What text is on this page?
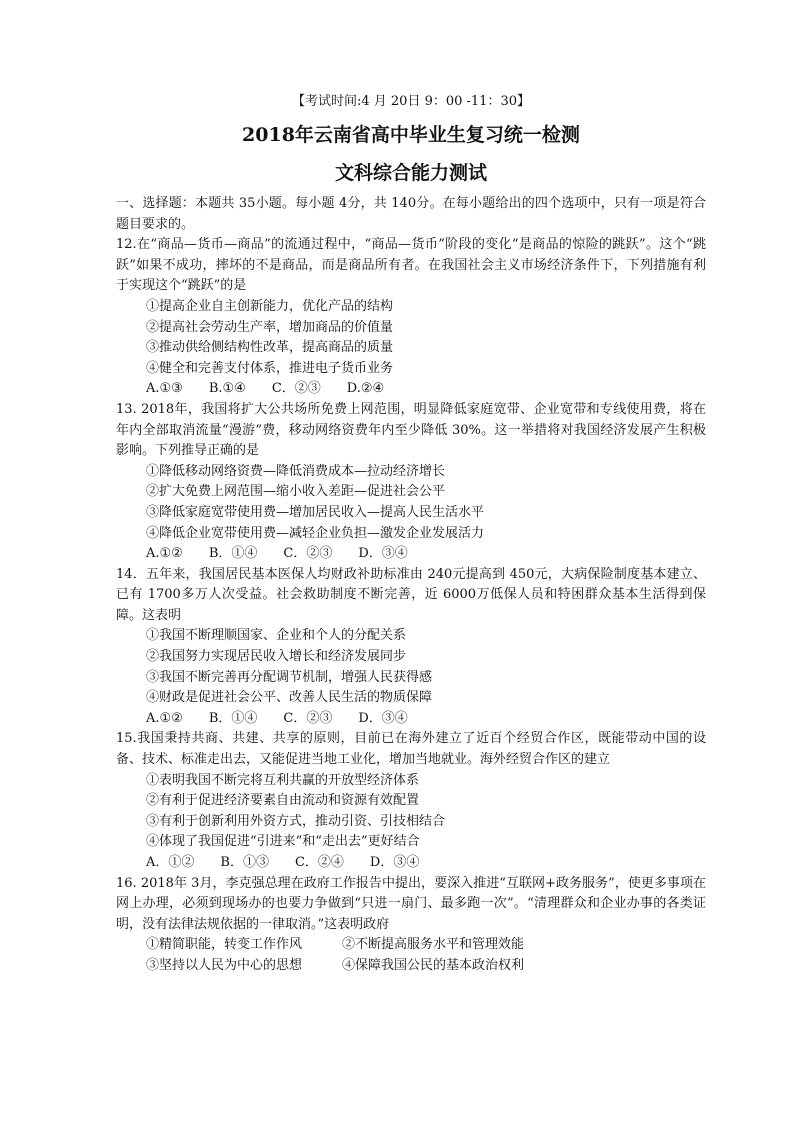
【考试时间:4 月 20日 9：00 -11：30】
2018年云南省高中毕业生复习统一检测
文科综合能力测试
一、选择题：本题共 35小题。每小题 4分，共 140分。在每小题给出的四个选项中，只有一项是符合题目要求的。
12.在“商品—货币—商品”的流通过程中，“商品—货币”阶段的变化“是商品的惊险的跳跃”。这个“跳跃”如果不成功，摔坏的不是商品，而是商品所有者。在我国社会主义市场经济条件下，下列措施有利于实现这个“跳跃”的是
①提高企业自主创新能力，优化产品的结构
②提高社会劳动生产率，增加商品的价值量
③推动供给侧结构性改革，提高商品的质量
④健全和完善支付体系，推进电子货币业务
A.①③ B.①④ C．②③ D.②④
13. 2018年，我国将扩大公共场所免费上网范围，明显降低家庭宽带、企业宽带和专线使用费，将在年内全部取消流量“漫游”费，移动网络资费年内至少降低 30%。这一举措将对我国经济发展产生积极影响。下列推导正确的是
①降低移动网络资费—降低消费成本—拉动经济增长
②扩大免费上网范围—缩小收入差距—促进社会公平
③降低家庭宽带使用费—增加居民收入—提高人民生活水平
④降低企业宽带使用费—减轻企业负担—激发企业发展活力
A.①② B．①④ C．②③ D．③④
14．五年来，我国居民基本医保人均财政补助标准由 240元提高到 450元，大病保险制度基本建立、已有 1700多万人次受益。社会救助制度不断完善，近 6000万低保人员和特困群众基本生活得到保障。这表明
①我国不断理顺国家、企业和个人的分配关系
②我国努力实现居民收入增长和经济发展同步
③我国不断完善再分配调节机制，增强人民获得感
④财政是促进社会公平、改善人民生活的物质保障
A.①② B．①④ C．②③ D．③④
15.我国秉持共商、共建、共享的原则，目前已在海外建立了近百个经贸合作区，既能带动中国的设备、技术、标准走出去，又能促进当地工业化，增加当地就业。海外经贸合作区的建立
①表明我国不断完将互利共赢的开放型经济体系
②有利于促进经济要素自由流动和资源有效配置
③有利于创新利用外资方式，推动引资、引技相结合
④体现了我国促进“引进来”和“走出去”更好结合
A．①② B．①③ C．②④ D．③④
16. 2018年 3月，李克强总理在政府工作报告中提出，要深入推进“互联网+政务服务”，使更多事项在网上办理，必须到现场办的也要力争做到“只进一扇门、最多跑一次”。“清理群众和企业办事的各类证明，没有法律法规依据的一律取消。”这表明政府
①精简职能，转变工作作风	②不断提高服务水平和管理效能
③坚持以人民为中心的思想	④保障我国公民的基本政治权利
